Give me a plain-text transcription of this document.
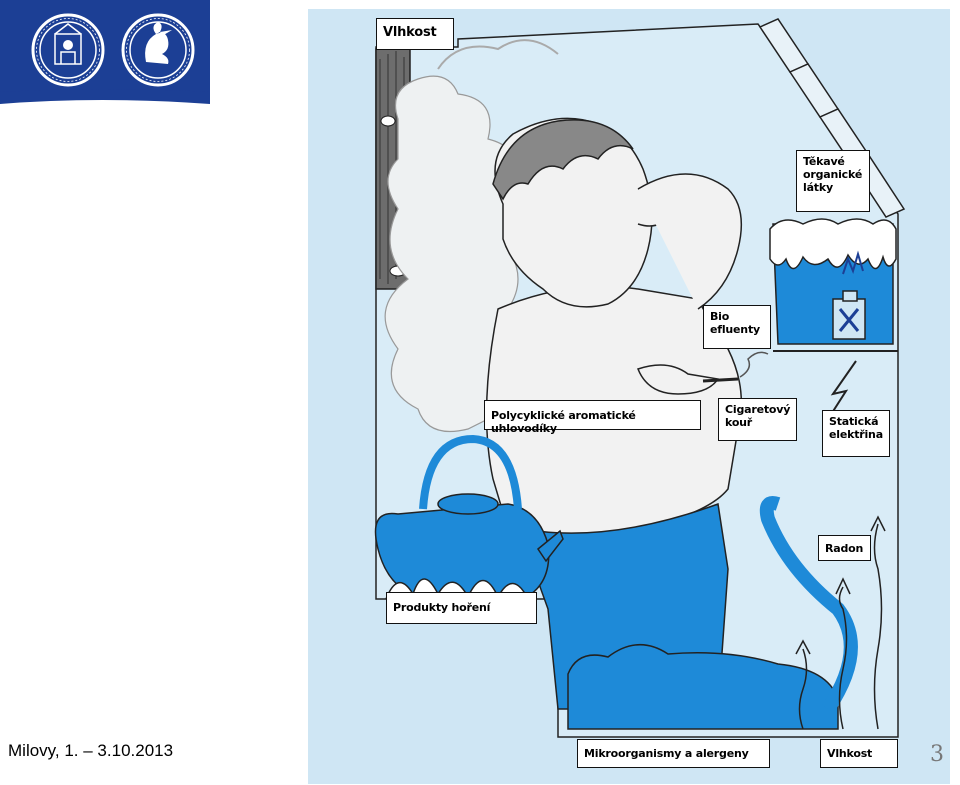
Vlhkost
Těkavé
organické
látky
Bio
efluenty
Polycyklické aromatické uhlovodíky
Cigaretový
kouř	Statická
elektřina
Radon
Produkty hoření
Mikroorganismy a alergeny	Vlhkost	3
Milovy, 1. – 3.10.2013
